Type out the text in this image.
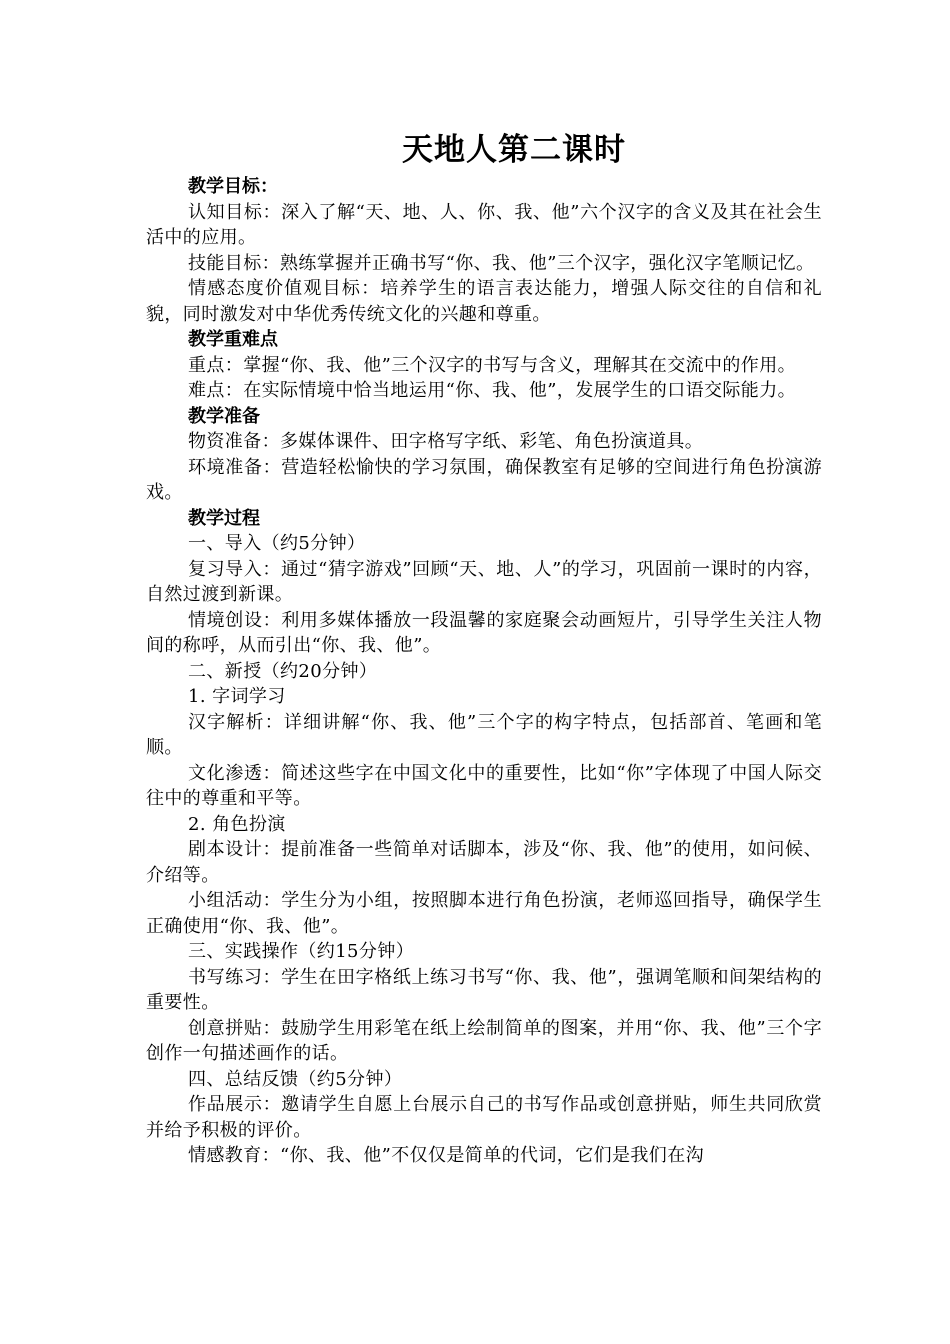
天地人第二课时

教学目标：

认知目标：深入了解“天、地、人、你、我、他”六个汉字的含义及其在社会生活中的应用。

技能目标：熟练掌握并正确书写“你、我、他”三个汉字，强化汉字笔顺记忆。

情感态度价值观目标：培养学生的语言表达能力，增强人际交往的自信和礼貌，同时激发对中华优秀传统文化的兴趣和尊重。

教学重难点

重点：掌握“你、我、他”三个汉字的书写与含义，理解其在交流中的作用。

难点：在实际情境中恰当地运用“你、我、他”，发展学生的口语交际能力。

教学准备

物资准备：多媒体课件、田字格写字纸、彩笔、角色扮演道具。

环境准备：营造轻松愉快的学习氛围，确保教室有足够的空间进行角色扮演游戏。

教学过程

一、导入（约5分钟）

复习导入：通过“猜字游戏”回顾“天、地、人”的学习，巩固前一课时的内容，自然过渡到新课。

情境创设：利用多媒体播放一段温馨的家庭聚会动画短片，引导学生关注人物间的称呼，从而引出“你、我、他”。

二、新授（约20分钟）

1. 字词学习

汉字解析：详细讲解“你、我、他”三个字的构字特点，包括部首、笔画和笔顺。

文化渗透：简述这些字在中国文化中的重要性，比如“你”字体现了中国人际交往中的尊重和平等。

2. 角色扮演

剧本设计：提前准备一些简单对话脚本，涉及“你、我、他”的使用，如问候、介绍等。

小组活动：学生分为小组，按照脚本进行角色扮演，老师巡回指导，确保学生正确使用“你、我、他”。

三、实践操作（约15分钟）

书写练习：学生在田字格纸上练习书写“你、我、他”，强调笔顺和间架结构的重要性。

创意拼贴：鼓励学生用彩笔在纸上绘制简单的图案，并用“你、我、他”三个字创作一句描述画作的话。

四、总结反馈（约5分钟）

作品展示：邀请学生自愿上台展示自己的书写作品或创意拼贴，师生共同欣赏并给予积极的评价。

情感教育：“你、我、他”不仅仅是简单的代词，它们是我们在沟
